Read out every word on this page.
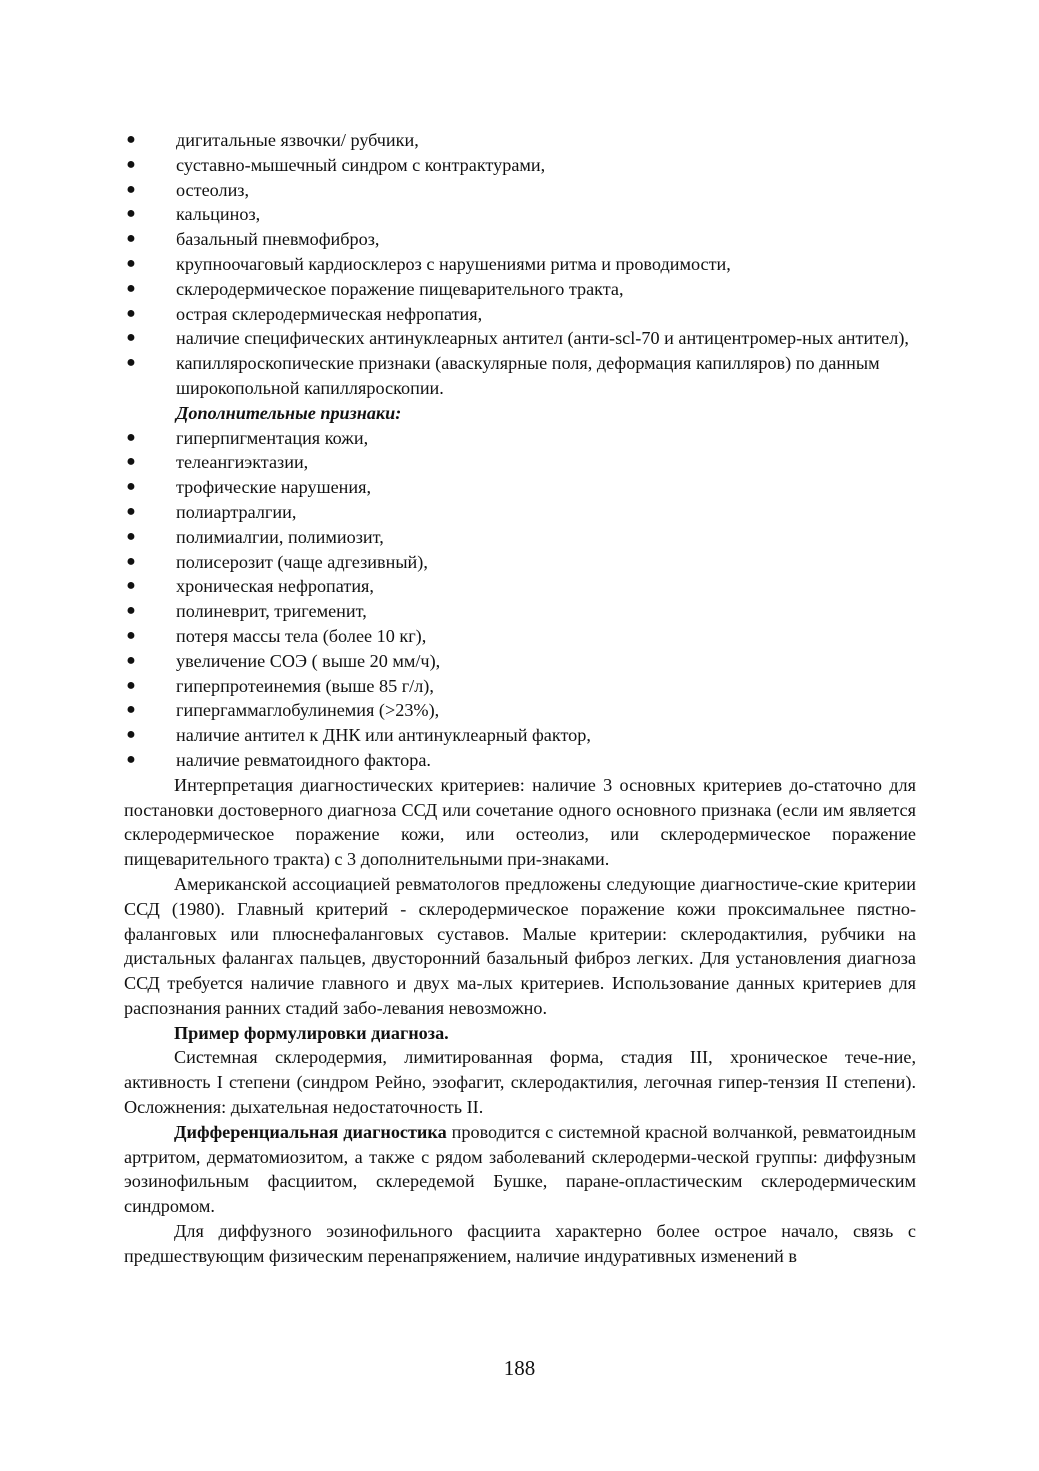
● дигитальные язвочки/ рубчики,
● суставно-мышечный синдром с контрактурами,
● остеолиз,
● кальциноз,
● базальный пневмофиброз,
● крупноочаговый кардиосклероз с нарушениями ритма и проводимости,
● склеродермическое поражение пищеварительного тракта,
● острая склеродермическая нефропатия,
● наличие специфических антинуклеарных антител (анти-scl-70 и антицентромер-ных антител),
● капилляроскопические признаки (аваскулярные поля, деформация капилляров) по данным широкопольной капилляроскопии.
Дополнительные признаки:
● гиперпигментация кожи,
● телеангиэктазии,
● трофические нарушения,
● полиартралгии,
● полимиалгии, полимиозит,
● полисерозит (чаще адгезивный),
● хроническая нефропатия,
● полиневрит, тригеменит,
● потеря массы тела (более 10 кг),
● увеличение СОЭ ( выше 20 мм/ч),
● гиперпротеинемия (выше 85 г/л),
● гипергаммаглобулинемия (>23%),
● наличие антител к ДНК или антинуклеарный фактор,
● наличие ревматоидного фактора.

Интерпретация диагностических критериев: наличие 3 основных критериев до-статочно для постановки достоверного диагноза ССД или сочетание одного основного признака (если им является склеродермическое поражение кожи, или остеолиз, или склеродермическое поражение пищеварительного тракта) с 3 дополнительными при-знаками.

Американской ассоциацией ревматологов предложены следующие диагностиче-ские критерии ССД (1980). Главный критерий - склеродермическое поражение кожи проксимальнее пястно-фаланговых или плюснефаланговых суставов. Малые критерии: склеродактилия, рубчики на дистальных фалангах пальцев, двусторонний базальный фиброз легких. Для установления диагноза ССД требуется наличие главного и двух ма-лых критериев. Использование данных критериев для распознания ранних стадий забо-левания невозможно.

Пример формулировки диагноза.

Системная склеродермия, лимитированная форма, стадия III, хроническое тече-ние, активность I степени (синдром Рейно, эзофагит, склеродактилия, легочная гипер-тензия II степени). Осложнения: дыхательная недостаточность II.

Дифференциальная диагностика проводится с системной красной волчанкой, ревматоидным артритом, дерматомиозитом, а также с рядом заболеваний склеродерми-ческой группы: диффузным эозинофильным фасциитом, склередемой Бушке, паране-опластическим склеродермическим синдромом.

Для диффузного эозинофильного фасциита характерно более острое начало, связь с предшествующим физическим перенапряжением, наличие индуративных изменений в

188
